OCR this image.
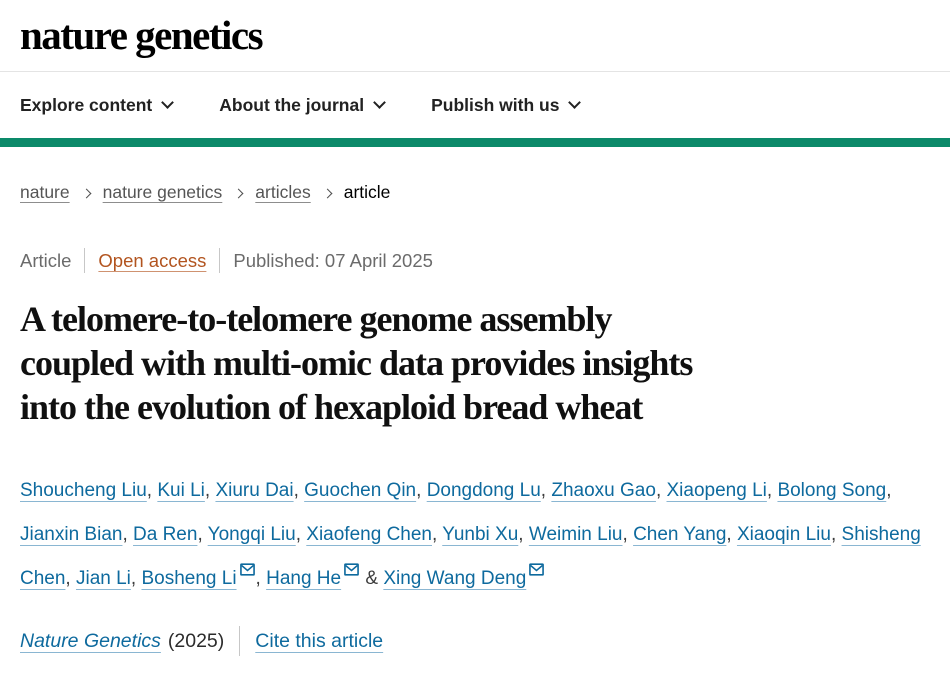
nature genetics
Explore content	About the journal	Publish with us
nature nature genetics articles article
Article Open access Published: 07 April 2025
A telomere-to-telomere genome assembly
coupled with multi-omic data provides insights
into the evolution of hexaploid bread wheat
Shoucheng Liu, Kui Li, Xiuru Dai, Guochen Qin, Dongdong Lu, Zhaoxu Gao, Xiaopeng Li, Bolong Song, Jianxin Bian, Da Ren, Yongqi Liu, Xiaofeng Chen, Yunbi Xu, Weimin Liu, Chen Yang, Xiaoqin Liu, Shisheng Chen, Jian Li, Bosheng Li , Hang He & Xing Wang Deng
Nature Genetics (2025) Cite this article
